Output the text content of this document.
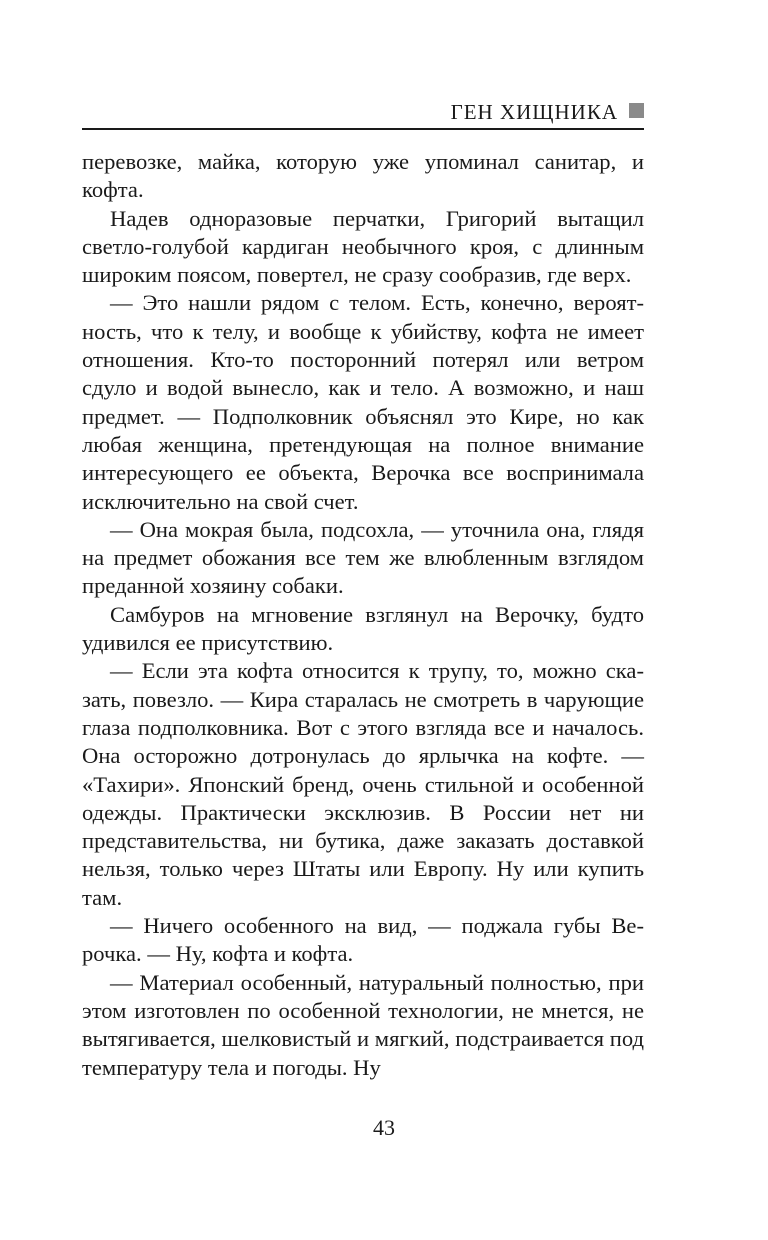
ГЕН ХИЩНИКА

перевозке, майка, которую уже упоминал санитар, и кофта.

Надев одноразовые перчатки, Григорий вытащил светло-голубой кардиган необычного кроя, с длинным широким поясом, повертел, не сразу сообразив, где верх.

— Это нашли рядом с телом. Есть, конечно, вероятность, что к телу, и вообще к убийству, кофта не имеет отношения. Кто-то посторонний потерял или ветром сдуло и водой вынесло, как и тело. А возможно, и наш предмет. — Подполковник объяснял это Кире, но как любая женщина, претендующая на полное внимание интересующего ее объекта, Верочка все воспринимала исключительно на свой счет.

— Она мокрая была, подсохла, — уточнила она, глядя на предмет обожания все тем же влюбленным взглядом преданной хозяину собаки.

Самбуров на мгновение взглянул на Верочку, будто удивился ее присутствию.

— Если эта кофта относится к трупу, то, можно сказать, повезло. — Кира старалась не смотреть в чарующие глаза подполковника. Вот с этого взгляда все и началось. Она осторожно дотронулась до ярлычка на кофте. — «Тахири». Японский бренд, очень стильной и особенной одежды. Практически эксклюзив. В России нет ни представительства, ни бутика, даже заказать доставкой нельзя, только через Штаты или Европу. Ну или купить там.

— Ничего особенного на вид, — поджала губы Верочка. — Ну, кофта и кофта.

— Материал особенный, натуральный полностью, при этом изготовлен по особенной технологии, не мнется, не вытягивается, шелковистый и мягкий, подстраивается под температуру тела и погоды. Ну

43
